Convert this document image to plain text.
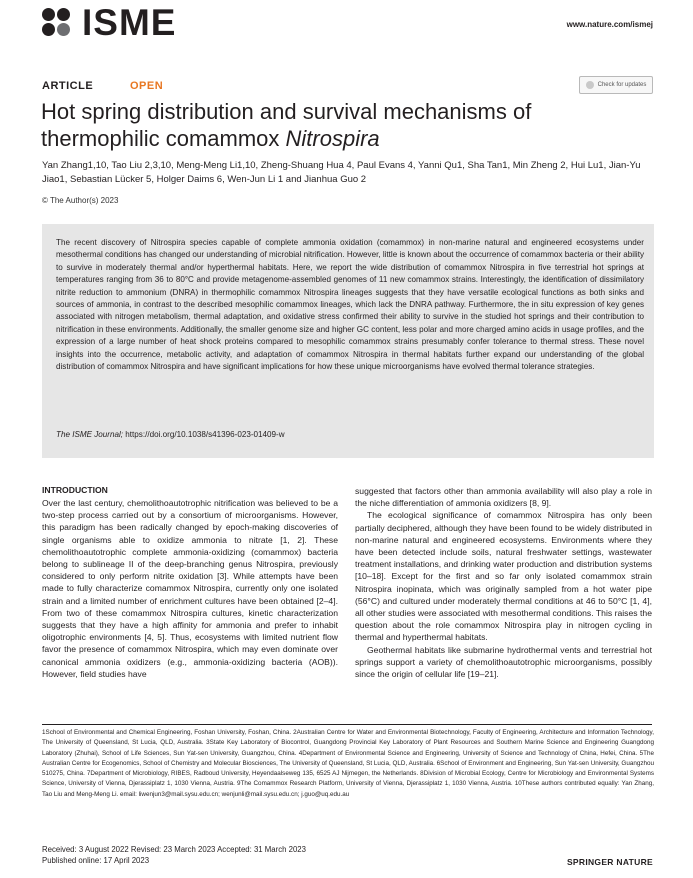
ISME	www.nature.com/ismej
ARTICLE	OPEN	Check for updates
Hot spring distribution and survival mechanisms of thermophilic comammox Nitrospira
Yan Zhang1,10, Tao Liu 2,3,10, Meng-Meng Li1,10, Zheng-Shuang Hua 4, Paul Evans 4, Yanni Qu1, Sha Tan1, Min Zheng 2, Hui Lu1, Jian-Yu Jiao1, Sebastian Lücker 5, Holger Daims 6, Wen-Jun Li 1 and Jianhua Guo 2
© The Author(s) 2023
The recent discovery of Nitrospira species capable of complete ammonia oxidation (comammox) in non-marine natural and engineered ecosystems under mesothermal conditions has changed our understanding of microbial nitrification. However, little is known about the occurrence of comammox bacteria or their ability to survive in moderately thermal and/or hyperthermal habitats. Here, we report the wide distribution of comammox Nitrospira in five terrestrial hot springs at temperatures ranging from 36 to 80°C and provide metagenome-assembled genomes of 11 new comammox strains. Interestingly, the identification of dissimilatory nitrite reduction to ammonium (DNRA) in thermophilic comammox Nitrospira lineages suggests that they have versatile ecological functions as both sinks and sources of ammonia, in contrast to the described mesophilic comammox lineages, which lack the DNRA pathway. Furthermore, the in situ expression of key genes associated with nitrogen metabolism, thermal adaptation, and oxidative stress confirmed their ability to survive in the studied hot springs and their contribution to nitrification in these environments. Additionally, the smaller genome size and higher GC content, less polar and more charged amino acids in usage profiles, and the expression of a large number of heat shock proteins compared to mesophilic comammox strains presumably confer tolerance to thermal stress. These novel insights into the occurrence, metabolic activity, and adaptation of comammox Nitrospira in thermal habitats further expand our understanding of the global distribution of comammox Nitrospira and have significant implications for how these unique microorganisms have evolved thermal tolerance strategies.
The ISME Journal; https://doi.org/10.1038/s41396-023-01409-w
INTRODUCTION

Over the last century, chemolithoautotrophic nitrification was believed to be a two-step process carried out by a consortium of microorganisms. However, this paradigm has been radically changed by epoch-making discoveries of single organisms able to oxidize ammonia to nitrate [1, 2]. These chemolithoautotrophic complete ammonia-oxidizing (comammox) bacteria belong to sublineage II of the deep-branching genus Nitrospira, previously considered to only perform nitrite oxidation [3]. While attempts have been made to fully characterize comammox Nitrospira, currently only one isolated strain and a limited number of enrichment cultures have been obtained [2–4]. From two of these comammox Nitrospira cultures, kinetic characterization suggests that they have a high affinity for ammonia and prefer to inhabit oligotrophic environments [4, 5]. Thus, ecosystems with limited nutrient flow favor the presence of comammox Nitrospira, which may even dominate over canonical ammonia oxidizers (e.g., ammonia-oxidizing bacteria (AOB)). However, field studies have

suggested that factors other than ammonia availability will also play a role in the niche differentiation of ammonia oxidizers [8, 9].

The ecological significance of comammox Nitrospira has only been partially deciphered, although they have been found to be widely distributed in non-marine natural and engineered ecosystems. Environments where they have been detected include soils, natural freshwater settings, wastewater treatment installations, and drinking water production and distribution systems [10–18]. Except for the first and so far only isolated comammox strain Nitrospira inopinata, which was originally sampled from a hot water pipe (56°C) and cultured under moderately thermal conditions at 46 to 50°C [1, 4], all other studies were associated with mesothermal conditions. This raises the question about the role comammox Nitrospira play in nitrogen cycling in thermal and hyperthermal habitats.

Geothermal habitats like submarine hydrothermal vents and terrestrial hot springs support a variety of chemolithoautotrophic microorganisms, possibly since the origin of cellular life [19–21].

1School of Environmental and Chemical Engineering, Foshan University, Foshan, China. 2Australian Centre for Water and Environmental Biotechnology, Faculty of Engineering, Architecture and Information Technology, The University of Queensland, St Lucia, QLD, Australia. 3State Key Laboratory of Biocontrol, Guangdong Provincial Key Laboratory of Plant Resources and Southern Marine Science and Engineering Guangdong Laboratory (Zhuhai), School of Life Sciences, Sun Yat-sen University, Guangzhou, China. 4Department of Environmental Science and Engineering, University of Science and Technology of China, Hefei, China. 5The Australian Centre for Ecogenomics, School of Chemistry and Molecular Biosciences, The University of Queensland, St Lucia, QLD, Australia. 6School of Environment and Engineering, Sun Yat-sen University, Guangzhou 510275, China. 7Department of Microbiology, RIBES, Radboud University, Heyendaalseweg 135, 6525 AJ Nijmegen, the Netherlands. 8Division of Microbial Ecology, Centre for Microbiology and Environmental Systems Science, University of Vienna, Djerassiplatz 1, 1030 Vienna, Austria. 9The Comammox Research Platform, University of Vienna, Djerassiplatz 1, 1030 Vienna, Austria. 10These authors contributed equally: Yan Zhang, Tao Liu and Meng-Meng Li. email: liwenjun3@mail.sysu.edu.cn; wenjunli@mail.sysu.edu.cn; j.guo@uq.edu.au
Received: 3 August 2022 Revised: 23 March 2023 Accepted: 31 March 2023
Published online: 17 April 2023	SPRINGER NATURE
